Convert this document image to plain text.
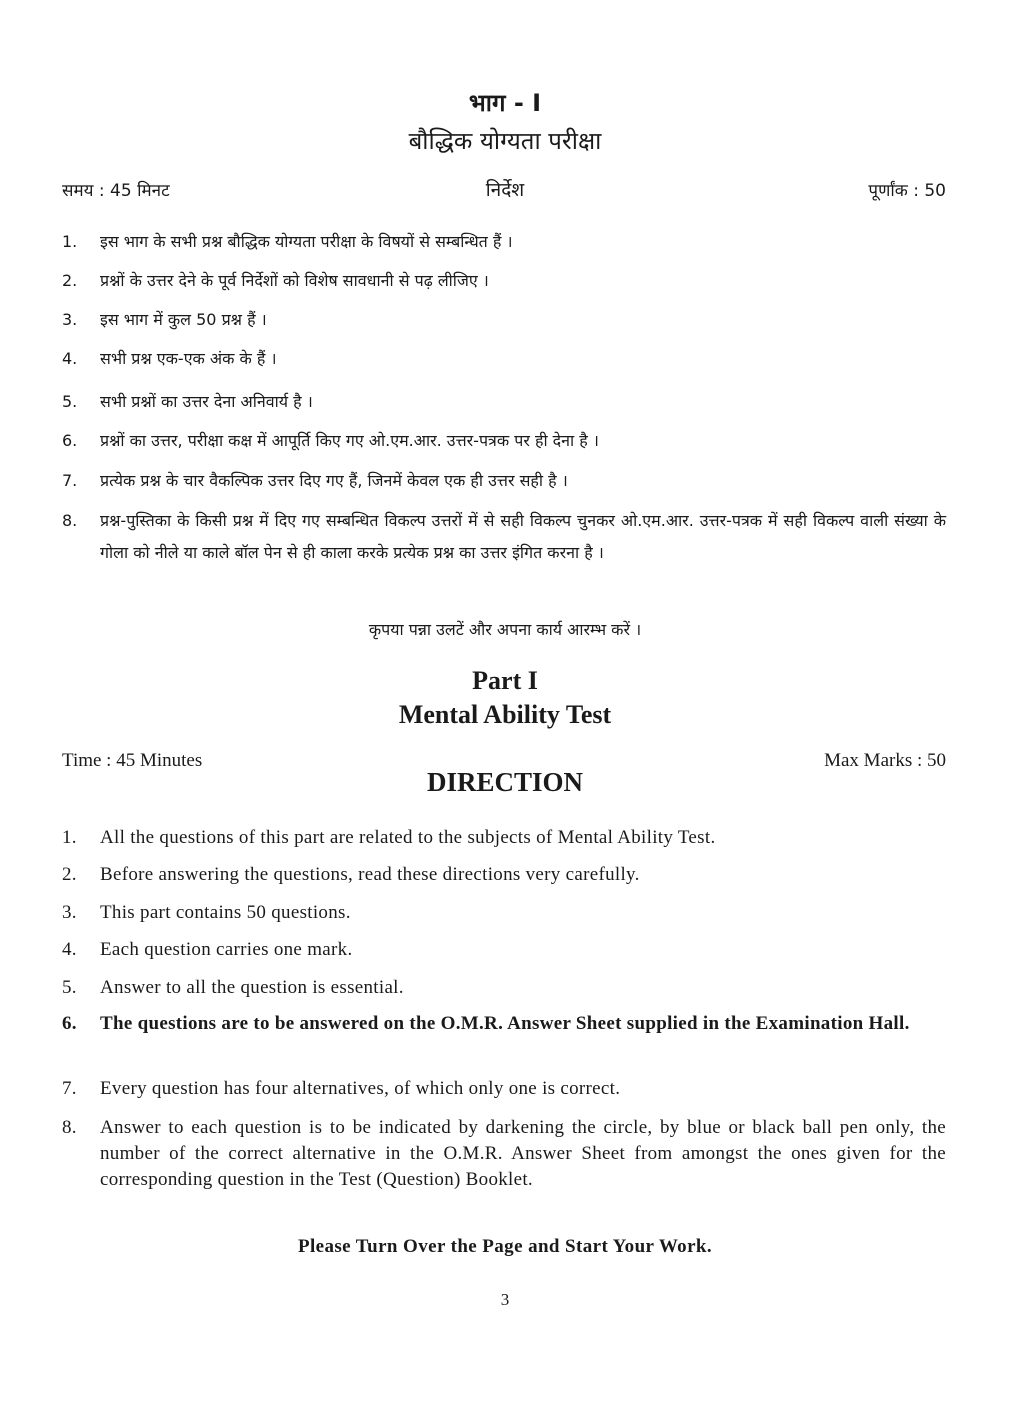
भाग - I
बौद्धिक योग्यता परीक्षा
समय : 45 मिनट	निर्देश	पूर्णांक : 50
1.	इस भाग के सभी प्रश्न बौद्धिक योग्यता परीक्षा के विषयों से सम्बन्धित हैं ।
2.	प्रश्नों के उत्तर देने के पूर्व निर्देशों को विशेष सावधानी से पढ़ लीजिए ।
3.	इस भाग में कुल 50 प्रश्न हैं ।
4.	सभी प्रश्न एक-एक अंक के हैं ।
5.	सभी प्रश्नों का उत्तर देना अनिवार्य है ।
6.	प्रश्नों का उत्तर, परीक्षा कक्ष में आपूर्ति किए गए ओ.एम.आर. उत्तर-पत्रक पर ही देना है ।
7.	प्रत्येक प्रश्न के चार वैकल्पिक उत्तर दिए गए हैं, जिनमें केवल एक ही उत्तर सही है ।
8.	प्रश्न-पुस्तिका के किसी प्रश्न में दिए गए सम्बन्धित विकल्प उत्तरों में से सही विकल्प चुनकर ओ.एम.आर. उत्तर-पत्रक में सही विकल्प वाली संख्या के गोला को नीले या काले बॉल पेन से ही काला करके प्रत्येक प्रश्न का उत्तर इंगित करना है ।
कृपया पन्ना उलटें और अपना कार्य आरम्भ करें ।
Part I
Mental Ability Test
Time : 45 Minutes
DIRECTION
Max Marks : 50
1.	All the questions of this part are related to the subjects of Mental Ability Test.
2.	Before answering the questions, read these directions very carefully.
3.	This part contains 50 questions.
4.	Each question carries one mark.
5.	Answer to all the question is essential.
6.	The questions are to be answered on the O.M.R. Answer Sheet supplied in the Examination Hall.
7.	Every question has four alternatives, of which only one is correct.
8.	Answer to each question is to be indicated by darkening the circle, by blue or black ball pen only, the number of the correct alternative in the O.M.R. Answer Sheet from amongst the ones given for the corresponding question in the Test (Question) Booklet.
Please Turn Over the Page and Start Your Work.
3
